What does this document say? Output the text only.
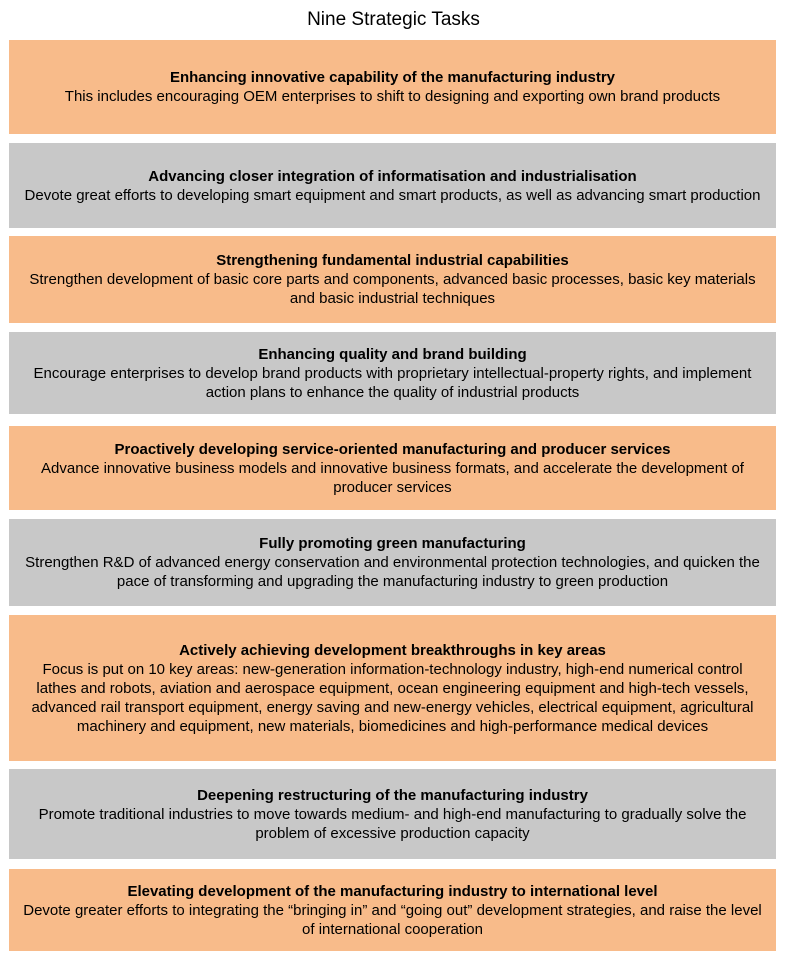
Nine Strategic Tasks
Enhancing innovative capability of the manufacturing industry
This includes encouraging OEM enterprises to shift to designing and exporting own brand products
Advancing closer integration of informatisation and industrialisation
Devote great efforts to developing smart equipment and smart products, as well as advancing smart production
Strengthening fundamental industrial capabilities
Strengthen development of basic core parts and components, advanced basic processes, basic key materials and basic industrial techniques
Enhancing quality and brand building
Encourage enterprises to develop brand products with proprietary intellectual-property rights, and implement action plans to enhance the quality of industrial products
Proactively developing service-oriented manufacturing and producer services
Advance innovative business models and innovative business formats, and accelerate the development of producer services
Fully promoting green manufacturing
Strengthen R&D of advanced energy conservation and environmental protection technologies, and quicken the pace of transforming and upgrading the manufacturing industry to green production
Actively achieving development breakthroughs in key areas
Focus is put on 10 key areas: new-generation information-technology industry, high-end numerical control lathes and robots, aviation and aerospace equipment, ocean engineering equipment and high-tech vessels, advanced rail transport equipment, energy saving and new-energy vehicles, electrical equipment, agricultural machinery and equipment, new materials, biomedicines and high-performance medical devices
Deepening restructuring of the manufacturing industry
Promote traditional industries to move towards medium- and high-end manufacturing to gradually solve the problem of excessive production capacity
Elevating development of the manufacturing industry to international level
Devote greater efforts to integrating the “bringing in” and “going out” development strategies, and raise the level of international cooperation
